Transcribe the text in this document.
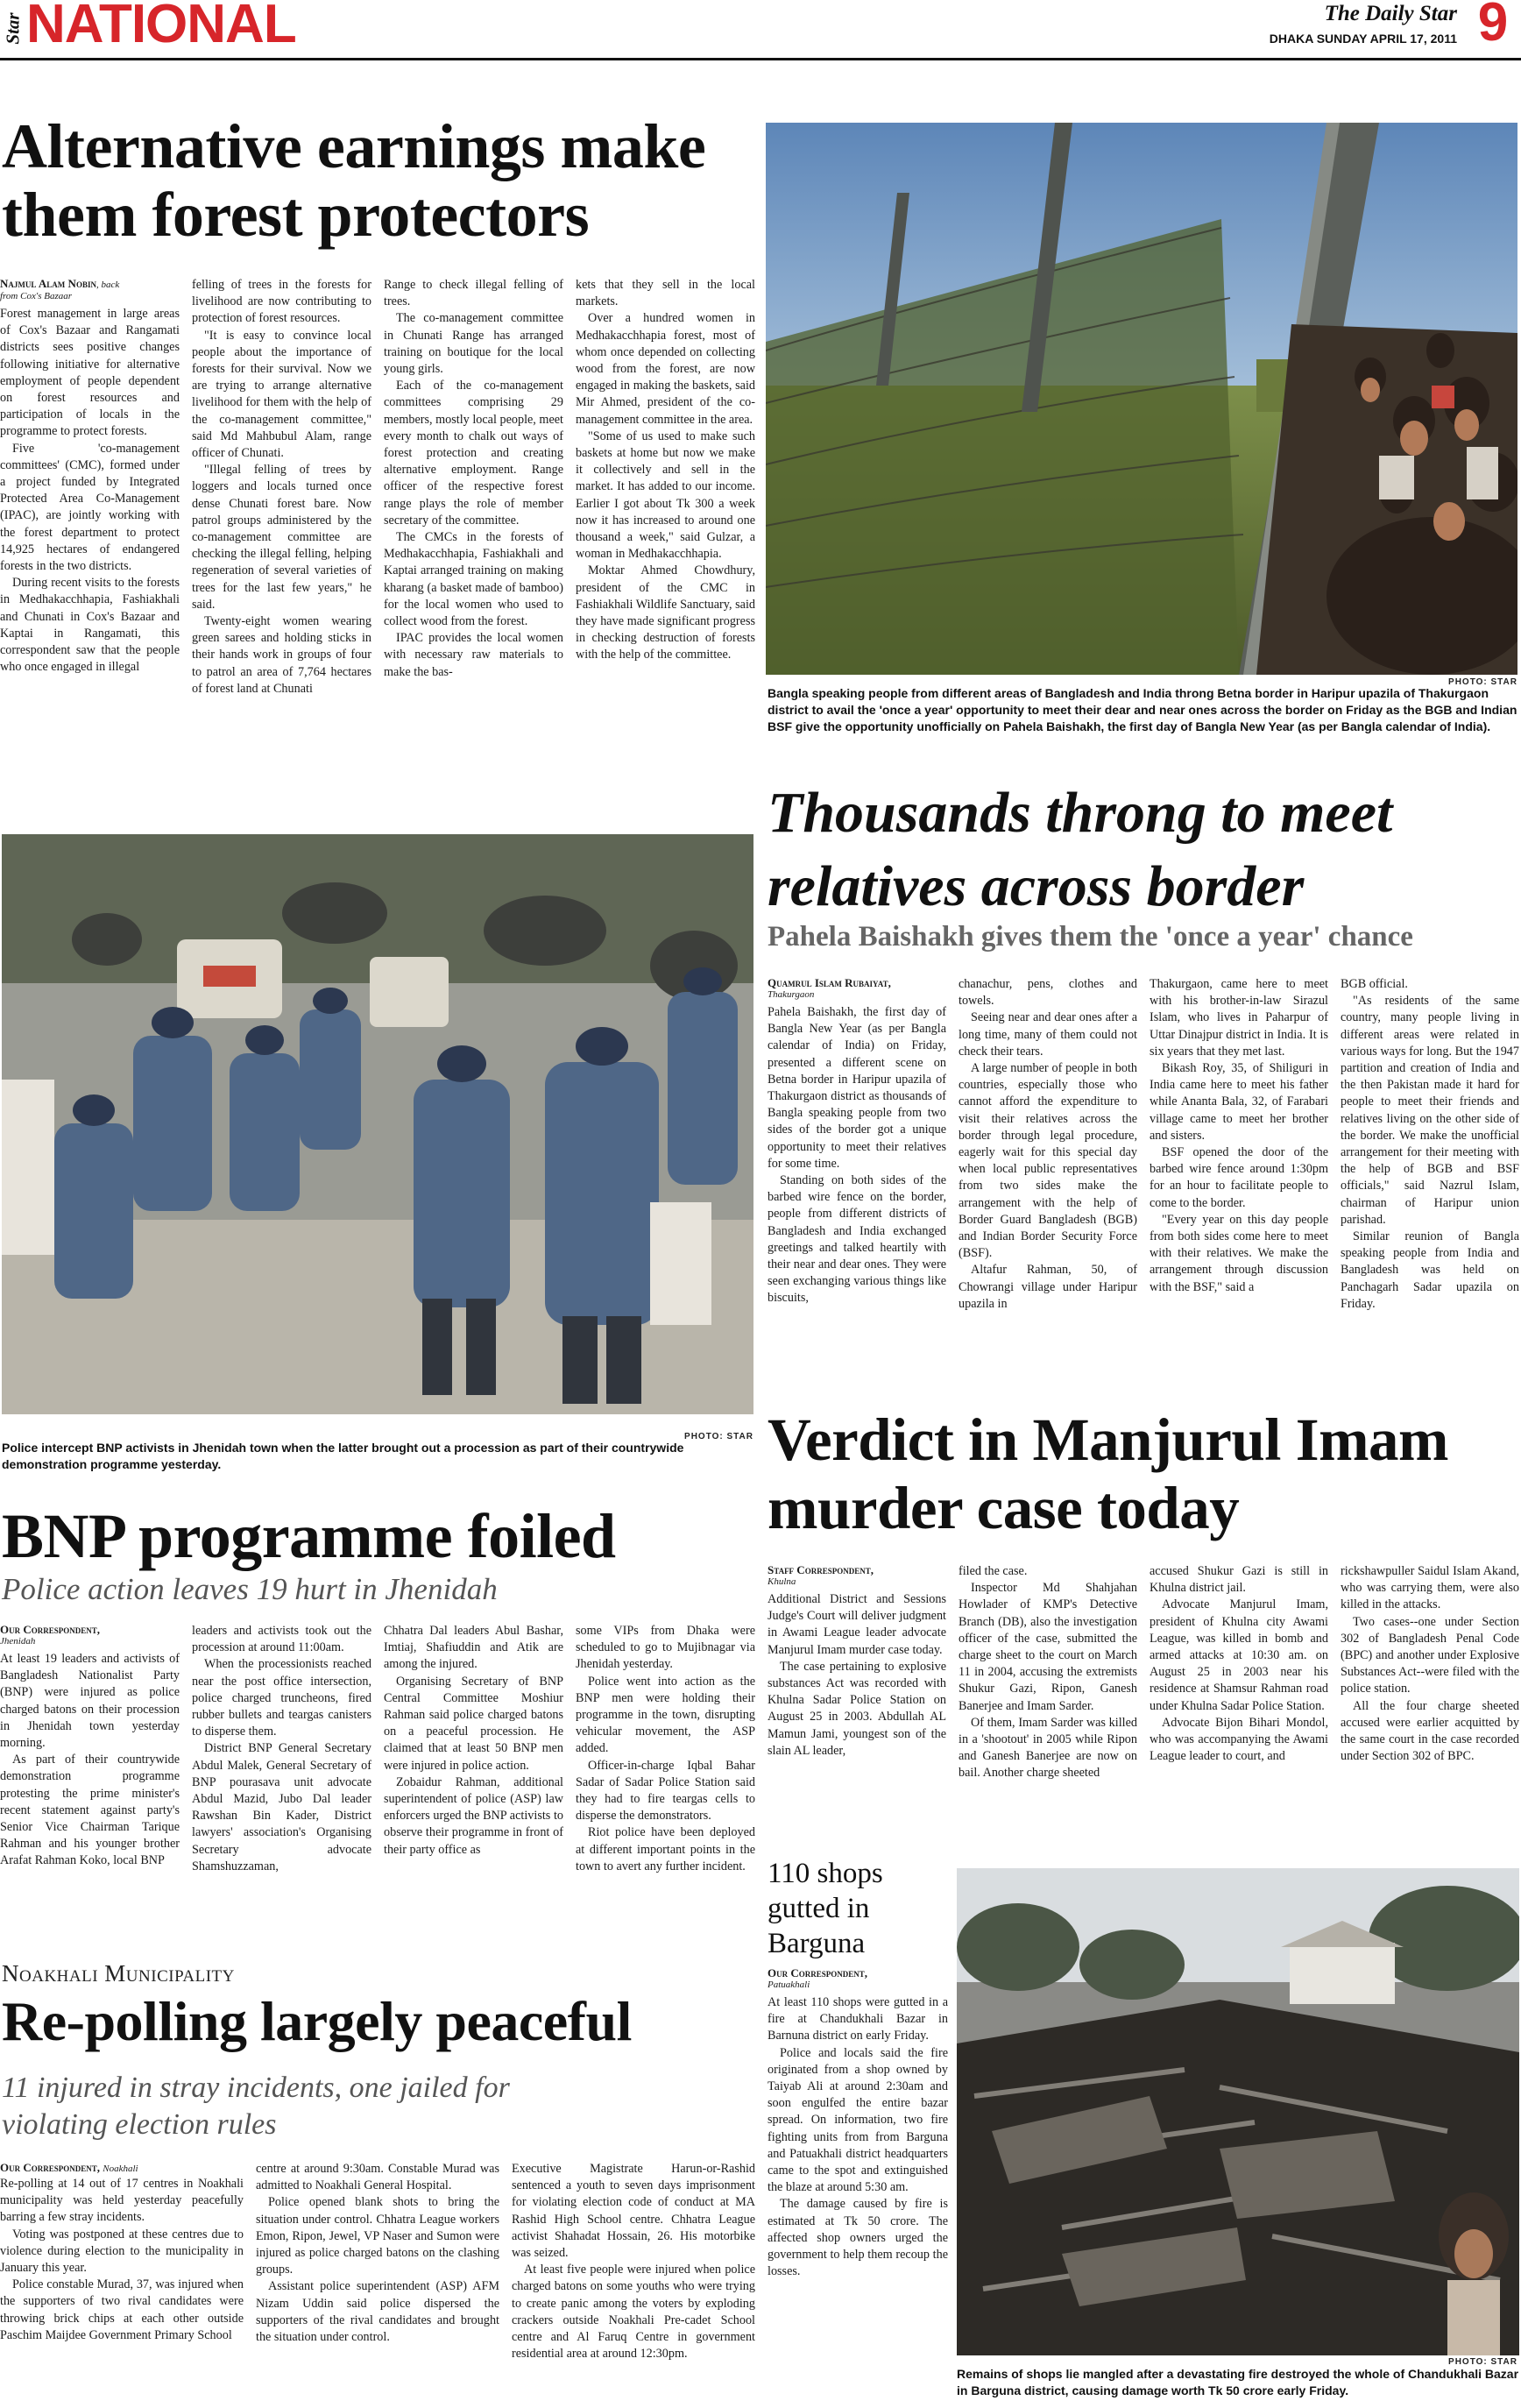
Star NATIONAL	The Daily Star
DHAKA SUNDAY APRIL 17, 2011 9
Alternative earnings make
them forest protectors

Najmul Alam Nobin, back

from Cox's Bazaar

Forest management in large areas of Cox's Bazaar and Rangamati districts sees positive changes following initiative for alternative employment of people dependent on forest resources and participation of locals in the programme to protect forests.

Five 'co-management committees' (CMC), formed under a project funded by Integrated Protected Area Co-Management (IPAC), are jointly working with the forest department to protect 14,925 hectares of endangered forests in the two districts.

During recent visits to the forests in Medhakacchhapia, Fashiakhali and Chunati in Cox's Bazaar and Kaptai in Rangamati, this correspondent saw that the people who once engaged in illegal

felling of trees in the forests for livelihood are now contributing to protection of forest resources.

"It is easy to convince local people about the importance of forests for their survival. Now we are trying to arrange alternative livelihood for them with the help of the co-management committee," said Md Mahbubul Alam, range officer of Chunati.

"Illegal felling of trees by loggers and locals turned once dense Chunati forest bare. Now patrol groups administered by the co-management committee are checking the illegal felling, helping regeneration of several varieties of trees for the last few years," he said.

Twenty-eight women wearing green sarees and holding sticks in their hands work in groups of four to patrol an area of 7,764 hectares of forest land at Chunati

Range to check illegal felling of trees.

The co-management committee in Chunati Range has arranged training on boutique for the local young girls.

Each of the co-management committees comprising 29 members, mostly local people, meet every month to chalk out ways of forest protection and creating alternative employment. Range officer of the respective forest range plays the role of member secretary of the committee.

The CMCs in the forests of Medhakacchhapia, Fashiakhali and Kaptai arranged training on making kharang (a basket made of bamboo) for the local women who used to collect wood from the forest.

IPAC provides the local women with necessary raw materials to make the bas-

kets that they sell in the local markets.

Over a hundred women in Medhakacchhapia forest, most of whom once depended on collecting wood from the forest, are now engaged in making the baskets, said Mir Ahmed, president of the co-management committee in the area.

"Some of us used to make such baskets at home but now we make it collectively and sell in the market. It has added to our income. Earlier I got about Tk 300 a week now it has increased to around one thousand a week," said Gulzar, a woman in Medhakacchhapia.

Moktar Ahmed Chowdhury, president of the CMC in Fashiakhali Wildlife Sanctuary, said they have made significant progress in checking destruction of forests with the help of the committee.

PHOTO: STAR
Bangla speaking people from different areas of Bangladesh and India throng Betna border in Haripur upazila of Thakurgaon district to avail the 'once a year' opportunity to meet their dear and near ones across the border on Friday as the BGB and Indian BSF give the opportunity unofficially on Pahela Baishakh, the first day of Bangla New Year (as per Bangla calendar of India).
Thousands throng to meet
relatives across border
Pahela Baishakh gives them the 'once a year' chance

Quamrul Islam Rubaiyat,

Thakurgaon

Pahela Baishakh, the first day of Bangla New Year (as per Bangla calendar of India) on Friday, presented a different scene on Betna border in Haripur upazila of Thakurgaon district as thousands of Bangla speaking people from two sides of the border got a unique opportunity to meet their relatives for some time.

Standing on both sides of the barbed wire fence on the border, people from different districts of Bangladesh and India exchanged greetings and talked heartily with their near and dear ones. They were seen exchanging various things like biscuits,

chanachur, pens, clothes and towels.

Seeing near and dear ones after a long time, many of them could not check their tears.

A large number of people in both countries, especially those who cannot afford the expenditure to visit their relatives across the border through legal procedure, eagerly wait for this special day when local public representatives from two sides make the arrangement with the help of Border Guard Bangladesh (BGB) and Indian Border Security Force (BSF).

Altafur Rahman, 50, of Chowrangi village under Haripur upazila in

Thakurgaon, came here to meet with his brother-in-law Sirazul Islam, who lives in Paharpur of Uttar Dinajpur district in India. It is six years that they met last.

Bikash Roy, 35, of Shiliguri in India came here to meet his father while Ananta Bala, 32, of Farabari village came to meet her brother and sisters.

BSF opened the door of the barbed wire fence around 1:30pm for an hour to facilitate people to come to the border.

"Every year on this day people from both sides come here to meet with their relatives. We make the arrangement through discussion with the BSF," said a

BGB official.

"As residents of the same country, many people living in different areas were related in various ways for long. But the 1947 partition and creation of India and the then Pakistan made it hard for people to meet their friends and relatives living on the other side of the border. We make the unofficial arrangement for their meeting with the help of BGB and BSF officials," said Nazrul Islam, chairman of Haripur union parishad.

Similar reunion of Bangla speaking people from India and Bangladesh was held on Panchagarh Sadar upazila on Friday.

PHOTO: STAR
Police intercept BNP activists in Jhenidah town when the latter brought out a procession as part of their countrywide demonstration programme yesterday.
BNP programme foiled
Police action leaves 19 hurt in Jhenidah

Our Correspondent,

Jhenidah

At least 19 leaders and activists of Bangladesh Nationalist Party (BNP) were injured as police charged batons on their procession in Jhenidah town yesterday morning.

As part of their countrywide demonstration programme protesting the prime minister's recent statement against party's Senior Vice Chairman Tarique Rahman and his younger brother Arafat Rahman Koko, local BNP

leaders and activists took out the procession at around 11:00am.

When the processionists reached near the post office intersection, police charged truncheons, fired rubber bullets and teargas canisters to disperse them.

District BNP General Secretary Abdul Malek, General Secretary of BNP pourasava unit advocate Abdul Mazid, Jubo Dal leader Rawshan Bin Kader, District lawyers' association's Organising Secretary advocate Shamshuzzaman,

Chhatra Dal leaders Abul Bashar, Imtiaj, Shafiuddin and Atik are among the injured.

Organising Secretary of BNP Central Committee Moshiur Rahman said police charged batons on a peaceful procession. He claimed that at least 50 BNP men were injured in police action.

Zobaidur Rahman, additional superintendent of police (ASP) law enforcers urged the BNP activists to observe their programme in front of their party office as

some VIPs from Dhaka were scheduled to go to Mujibnagar via Jhenidah yesterday.

Police went into action as the BNP men were holding their programme in the town, disrupting vehicular movement, the ASP added.

Officer-in-charge Iqbal Bahar Sadar of Sadar Police Station said they had to fire teargas cells to disperse the demonstrators.

Riot police have been deployed at different important points in the town to avert any further incident.

Verdict in Manjurul Imam
murder case today

Staff Correspondent,

Khulna

Additional District and Sessions Judge's Court will deliver judgment in Awami League leader advocate Manjurul Imam murder case today.

The case pertaining to explosive substances Act was recorded with Khulna Sadar Police Station on August 25 in 2003. Abdullah AL Mamun Jami, youngest son of the slain AL leader,

filed the case.

Inspector Md Shahjahan Howlader of KMP's Detective Branch (DB), also the investigation officer of the case, submitted the charge sheet to the court on March 11 in 2004, accusing the extremists Shukur Gazi, Ripon, Ganesh Banerjee and Imam Sarder.

Of them, Imam Sarder was killed in a 'shootout' in 2005 while Ripon and Ganesh Banerjee are now on bail. Another charge sheeted

accused Shukur Gazi is still in Khulna district jail.

Advocate Manjurul Imam, president of Khulna city Awami League, was killed in bomb and armed attacks at 10:30 am. on August 25 in 2003 near his residence at Shamsur Rahman road under Khulna Sadar Police Station.

Advocate Bijon Bihari Mondol, who was accompanying the Awami League leader to court, and

rickshawpuller Saidul Islam Akand, who was carrying them, were also killed in the attacks.

Two cases--one under Section 302 of Bangladesh Penal Code (BPC) and another under Explosive Substances Act--were filed with the police station.

All the four charge sheeted accused were earlier acquitted by the same court in the case recorded under Section 302 of BPC.

110 shops gutted in Barguna

Our Correspondent,

Patuakhali

At least 110 shops were gutted in a fire at Chandukhali Bazar in Barnuna district on early Friday.

Police and locals said the fire originated from a shop owned by Taiyab Ali at around 2:30am and soon engulfed the entire bazar spread. On information, two fire fighting units from from Barguna and Patuakhali district headquarters came to the spot and extinguished the blaze at around 5:30 am.

The damage caused by fire is estimated at Tk 50 crore. The affected shop owners urged the government to help them recoup the losses.

PHOTO: STAR
Remains of shops lie mangled after a devastating fire destroyed the whole of Chandukhali Bazar in Barguna district, causing damage worth Tk 50 crore early Friday.
Noakhali Municipality
Re-polling largely peaceful
11 injured in stray incidents, one jailed for
violating election rules

Our Correspondent, Noakhali

Re-polling at 14 out of 17 centres in Noakhali municipality was held yesterday peacefully barring a few stray incidents.

Voting was postponed at these centres due to violence during election to the municipality in January this year.

Police constable Murad, 37, was injured when the supporters of two rival candidates were throwing brick chips at each other outside Paschim Maijdee Government Primary School

centre at around 9:30am. Constable Murad was admitted to Noakhali General Hospital.

Police opened blank shots to bring the situation under control. Chhatra League workers Emon, Ripon, Jewel, VP Naser and Sumon were injured as police charged batons on the clashing groups.

Assistant police superintendent (ASP) AFM Nizam Uddin said police dispersed the supporters of the rival candidates and brought the situation under control.

Executive Magistrate Harun-or-Rashid sentenced a youth to seven days imprisonment for violating election code of conduct at MA Rashid High School centre. Chhatra League activist Shahadat Hossain, 26. His motorbike was seized.

At least five people were injured when police charged batons on some youths who were trying to create panic among the voters by exploding crackers outside Noakhali Pre-cadet School centre and Al Faruq Centre in government residential area at around 12:30pm.
